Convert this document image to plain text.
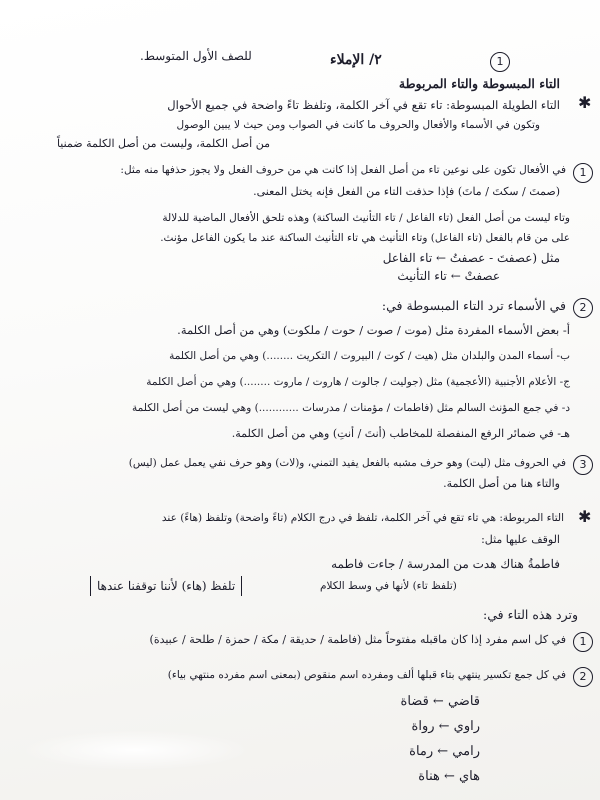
1
٢/ الإملاء
للصف الأول المتوسط.
التاء المبسوطة والتاء المربوطة
✱
التاء الطويلة المبسوطة: تاء تقع في آخر الكلمة، وتلفظ تاءً واضحة في جميع الأحوال
وتكون في الأسماء والأفعال والحروف ما كانت في الصواب ومن حيث لا يبين الوصول
من أصل الكلمة، وليست من أصل الكلمة ضمنياً
1
في الأفعال تكون على نوعين تاء من أصل الفعل إذا كانت هي من حروف الفعل ولا يجوز حذفها منه مثل:
(صمتَ / سكتَ / ماتَ) فإذا حذفت التاء من الفعل فإنه يختل المعنى.
وتاء ليست من أصل الفعل (تاء الفاعل / تاء التأنيث الساكنة) وهذه تلحق الأفعال الماضية للدلالة
على من قام بالفعل (تاء الفاعل) وتاء التأنيث هي تاء التأنيث الساكنة عند ما يكون الفاعل مؤنث.
مثل (عصفتَ - عصفتُ ← تاء الفاعل
عصفتْ ← تاء التأنيث
2
في الأسماء ترد التاء المبسوطة في:
أ- بعض الأسماء المفردة مثل (موت / صوت / حوت / ملكوت) وهي من أصل الكلمة.
ب- أسماء المدن والبلدان مثل (هيت / كوت / البيروت / التكريت ........) وهي من أصل الكلمة
ج- الأعلام الأجنبية (الأعجمية) مثل (جوليت / جالوت / هاروت / ماروت ........) وهي من أصل الكلمة
د- في جمع المؤنث السالم مثل (فاطمات / مؤمنات / مدرسات ............) وهي ليست من أصل الكلمة
هـ- في ضمائر الرفع المنفصلة للمخاطب (أنتَ / أنتِ) وهي من أصل الكلمة.
3
في الحروف مثل (ليت) وهو حرف مشبه بالفعل يفيد التمني، و(لات) وهو حرف نفي يعمل عمل (ليس)
والتاء هنا من أصل الكلمة.
✱
التاء المربوطة: هي تاء تقع في آخر الكلمة، تلفظ في درج الكلام (تاءً واضحة) وتلفظ (هاءً) عند
الوقف عليها مثل:
فاطمةُ هناك هدت من المدرسة / جاءت فاطمه
(تلفظ تاء) لأنها في وسط الكلام
تلفظ (هاء) لأننا توقفنا عندها
وترد هذه التاء في:
1
في كل اسم مفرد إذا كان ماقبله مفتوحاً مثل (فاطمة / حديقة / مكة / حمزة / طلحة / عبيدة)
2
في كل جمع تكسير ينتهي بتاء قبلها ألف ومفرده اسم منقوص (بمعنى اسم مفرده منتهي بياء)
قاضي ← قضاة
راوي ← رواة
رامي ← رماة
هاي ← هناة
